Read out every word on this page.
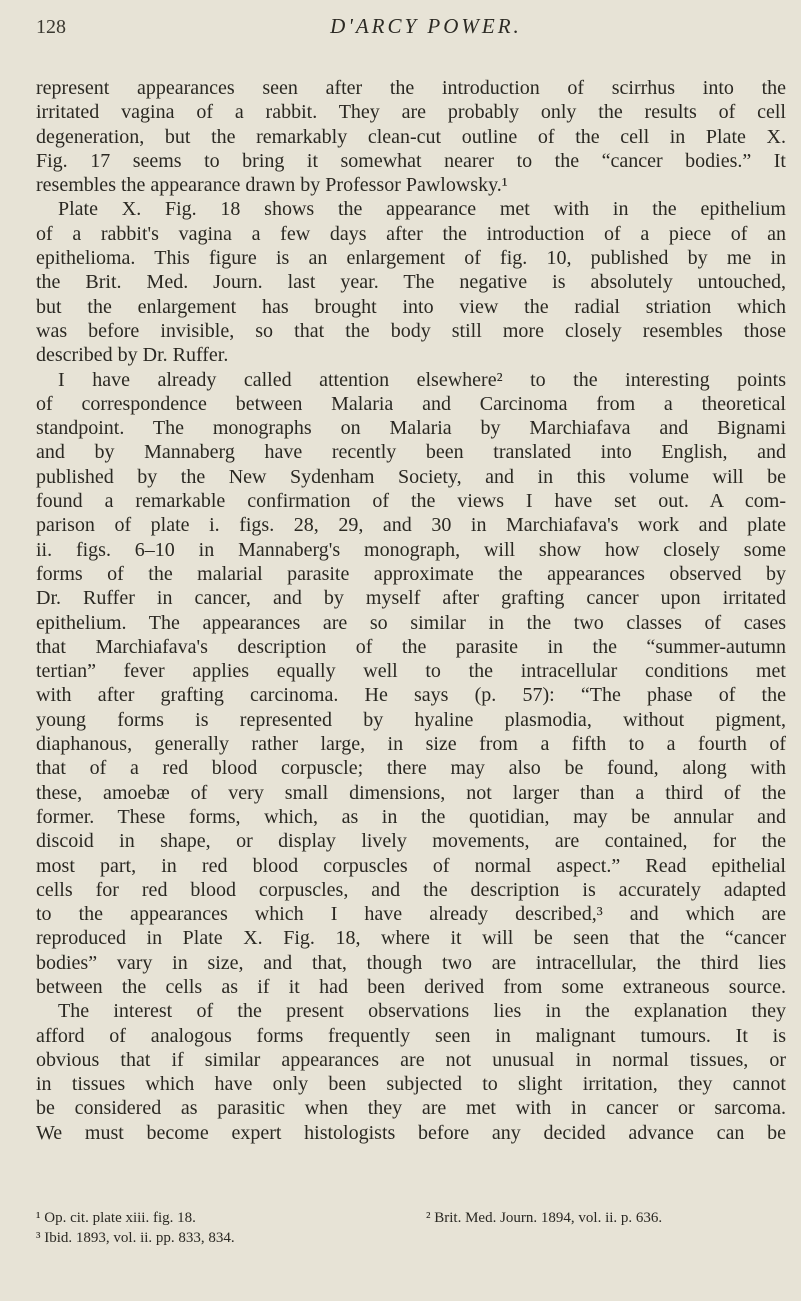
128	D'ARCY POWER.
represent appearances seen after the introduction of scirrhus into the
irritated vagina of a rabbit. They are probably only the results of cell
degeneration, but the remarkably clean-cut outline of the cell in Plate X.
Fig. 17 seems to bring it somewhat nearer to the “cancer bodies.” It
resembles the appearance drawn by Professor Pawlowsky.¹
Plate X. Fig. 18 shows the appearance met with in the epithelium
of a rabbit's vagina a few days after the introduction of a piece of an
epithelioma. This figure is an enlargement of fig. 10, published by me in
the Brit. Med. Journ. last year. The negative is absolutely untouched,
but the enlargement has brought into view the radial striation which
was before invisible, so that the body still more closely resembles those
described by Dr. Ruffer.
I have already called attention elsewhere² to the interesting points
of correspondence between Malaria and Carcinoma from a theoretical
standpoint. The monographs on Malaria by Marchiafava and Bignami
and by Mannaberg have recently been translated into English, and
published by the New Sydenham Society, and in this volume will be
found a remarkable confirmation of the views I have set out. A com-
parison of plate i. figs. 28, 29, and 30 in Marchiafava's work and plate
ii. figs. 6–10 in Mannaberg's monograph, will show how closely some
forms of the malarial parasite approximate the appearances observed by
Dr. Ruffer in cancer, and by myself after grafting cancer upon irritated
epithelium. The appearances are so similar in the two classes of cases
that Marchiafava's description of the parasite in the “summer-autumn
tertian” fever applies equally well to the intracellular conditions met
with after grafting carcinoma. He says (p. 57): “The phase of the
young forms is represented by hyaline plasmodia, without pigment,
diaphanous, generally rather large, in size from a fifth to a fourth of
that of a red blood corpuscle; there may also be found, along with
these, amoebæ of very small dimensions, not larger than a third of the
former. These forms, which, as in the quotidian, may be annular and
discoid in shape, or display lively movements, are contained, for the
most part, in red blood corpuscles of normal aspect.” Read epithelial
cells for red blood corpuscles, and the description is accurately adapted
to the appearances which I have already described,³ and which are
reproduced in Plate X. Fig. 18, where it will be seen that the “cancer
bodies” vary in size, and that, though two are intracellular, the third lies
between the cells as if it had been derived from some extraneous source.
The interest of the present observations lies in the explanation they
afford of analogous forms frequently seen in malignant tumours. It is
obvious that if similar appearances are not unusual in normal tissues, or
in tissues which have only been subjected to slight irritation, they cannot
be considered as parasitic when they are met with in cancer or sarcoma.
We must become expert histologists before any decided advance can be
¹ Op. cit. plate xiii. fig. 18.	² Brit. Med. Journ. 1894, vol. ii. p. 636.
³ Ibid. 1893, vol. ii. pp. 833, 834.
